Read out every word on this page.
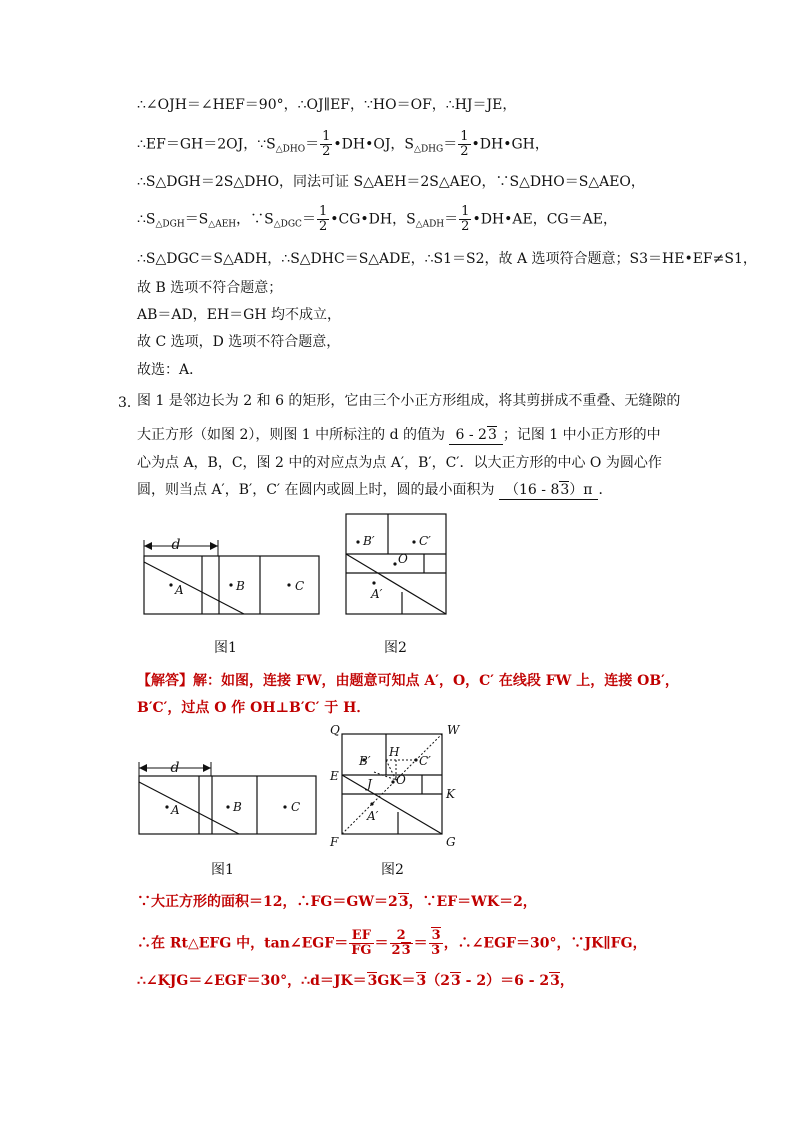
∴∠OJH＝∠HEF＝90°，∴OJ∥EF，∵HO＝OF，∴HJ＝JE，
∴EF＝GH＝2OJ，$\because S_{\triangle DHO}= \frac{1}{2}$ •DH•OJ，$S_{\triangle DHG}= \frac{1}{2}$ •DH•GH，
∴S△DGH＝2S△DHO，同法可证 S△AEH＝2S△AEO，∵S△DHO＝S△AEO，
$\therefore S_{\triangle DGH}=S_{\triangle AEH}$，$\because S_{\triangle DGC}= \frac{1}{2}$ •CG•DH，$S_{\triangle ADH}= \frac{1}{2}$ •DH•AE，CG＝AE，
∴S△DGC＝S△ADH，∴S△DHC＝S△ADE，∴S1＝S2，故 A 选项符合题意；S3＝HE•EF≠S1，
故 B 选项不符合题意；
AB＝AD，EH＝GH 均不成立，
故 C 选项，D 选项不符合题意，
故选：A．
3．
图 1 是邻边长为 2 和 6 的矩形，它由三个小正方形组成，将其剪拼成不重叠、无缝隙的
大正方形（如图 2），则图 1 中所标注的 d 的值为 6 - 23 ；记图 1 中小正方形的中
心为点 A，B，C，图 2 中的对应点为点 A′，B′，C′．以大正方形的中心 O 为圆心作
圆，则当点 A′，B′，C′ 在圆内或圆上时，圆的最小面积为 （16 - 83）π ．
d
A	B	C
图1
B′	C′
O
A′
图2
【解答】解：如图，连接 FW，由题意可知点 A′，O，C′ 在线段 FW 上，连接 OB′，
B′C′，过点 O 作 OH⊥B′C′ 于 H．
d
A	B	C
图1
B′	C′
O
A′
Q	W
E
K
F	G
H
J
图2
∵大正方形的面积＝12，∴FG＝GW＝23，∵EF＝WK＝2，
∴在 Rt△EFG 中，tan∠EGF＝ $\frac{EF}{FG} = \frac{2}{23} = \frac{3}{3}$ ，∴∠EGF＝30°，∵JK∥FG，
∴∠KJG＝∠EGF＝30°，∴d＝JK＝3GK＝3（23 - 2）＝6 - 23，
